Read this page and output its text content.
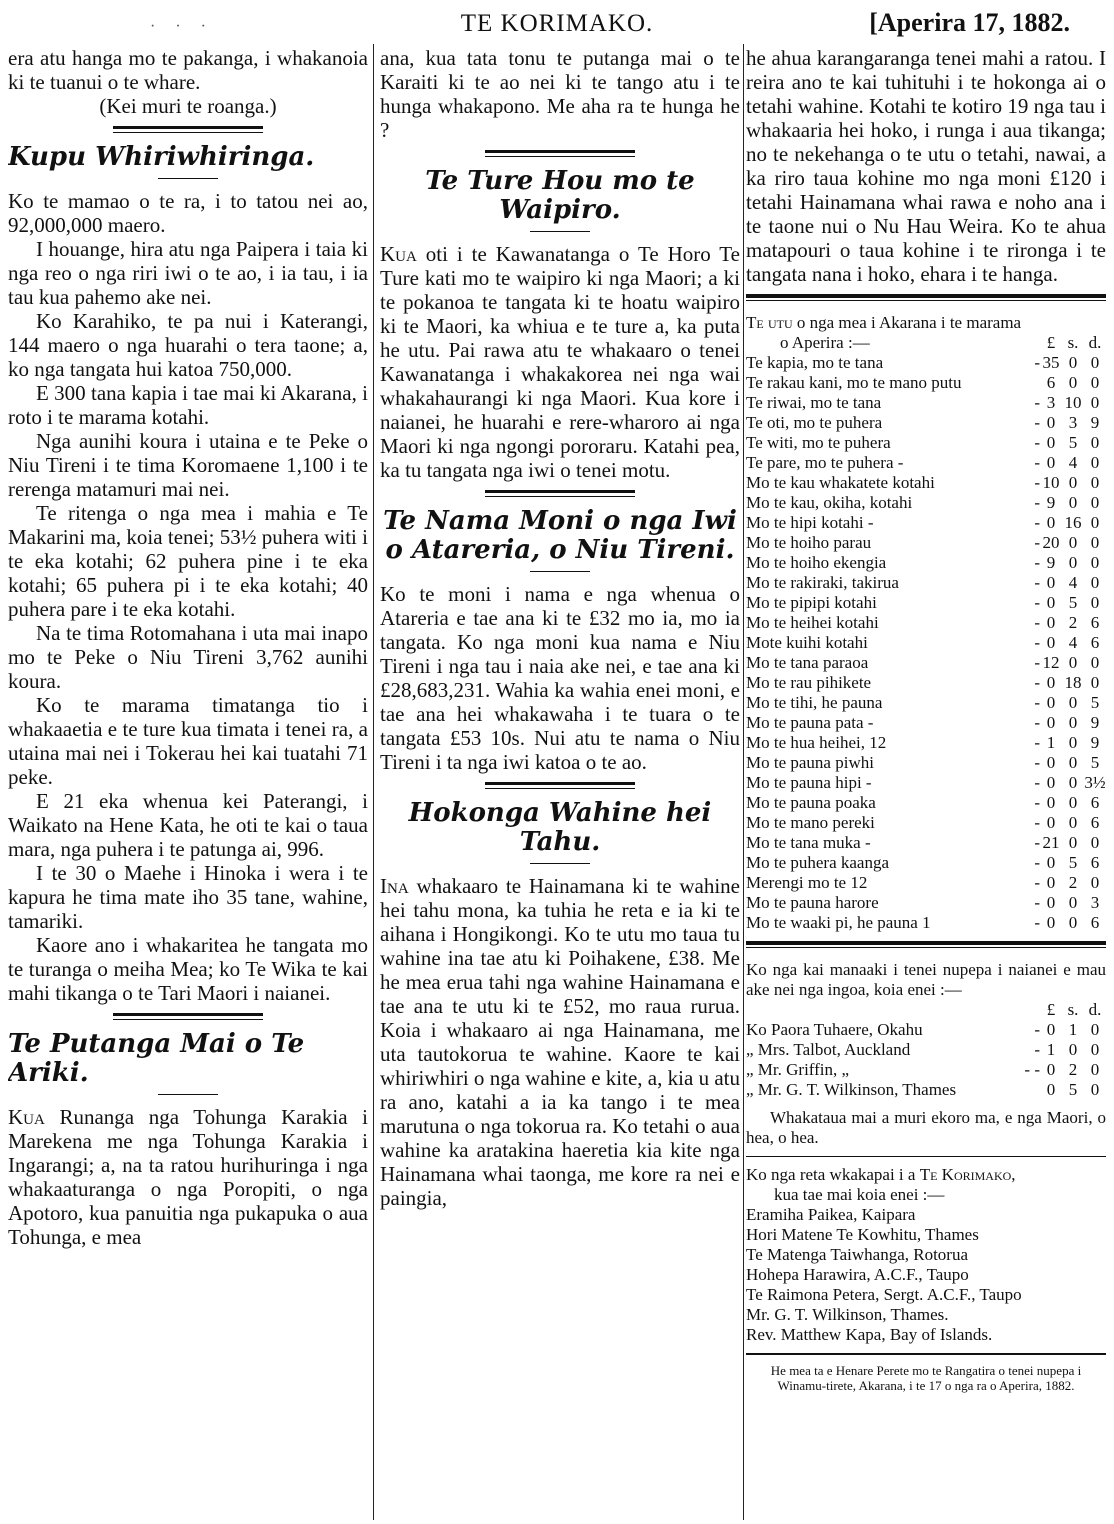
· · ·	TE KORIMAKO.	[Aperira 17, 1882.

era atu hanga mo te pakanga, i whakanoia ki te tuanui o te whare.

(Kei muri te roanga.)

Kupu Whiriwhiringa.

Ko te mamao o te ra, i to tatou nei ao, 92,000,000 maero.

I houange, hira atu nga Paipera i taia ki nga reo o nga riri iwi o te ao, i ia tau, i ia tau kua pahemo ake nei.

Ko Karahiko, te pa nui i Katerangi, 144 maero o nga huarahi o tera taone; a, ko nga tangata hui katoa 750,000.

E 300 tana kapia i tae mai ki Akarana, i roto i te marama kotahi.

Nga aunihi koura i utaina e te Peke o Niu Tireni i te tima Koromaene 1,100 i te rerenga matamuri mai nei.

Te ritenga o nga mea i mahia e Te Makarini ma, koia tenei; 53½ puhera witi i te eka kotahi; 62 puhera pine i te eka kotahi; 65 puhera pi i te eka kotahi; 40 puhera pare i te eka kotahi.

Na te tima Rotomahana i uta mai inapo mo te Peke o Niu Tireni 3,762 aunihi koura.

Ko te marama timatanga tio i whakaaetia e te ture kua timata i tenei ra, a utaina mai nei i Tokerau hei kai tuatahi 71 peke.

E 21 eka whenua kei Paterangi, i Waikato na Hene Kata, he oti te kai o taua mara, nga puhera i te patunga ai, 996.

I te 30 o Maehe i Hinoka i wera i te kapura he tima mate iho 35 tane, wahine, tamariki.

Kaore ano i whakaritea he tangata mo te turanga o meiha Mea; ko Te Wika te kai mahi tikanga o te Tari Maori i naianei.

Te Putanga Mai o Te Ariki.

Kua Runanga nga Tohunga Karakia i Marekena me nga Tohunga Karakia i Ingarangi; a, na ta ratou hurihuringa i nga whakaaturanga o nga Poropiti, o nga Apotoro, kua panuitia nga pukapuka o aua Tohunga, e mea

ana, kua tata tonu te putanga mai o te Karaiti ki te ao nei ki te tango atu i te hunga whakapono. Me aha ra te hunga he ?

Te Ture Hou mo te Waipiro.

Kua oti i te Kawanatanga o Te Horo Te Ture kati mo te waipiro ki nga Maori; a ki te pokanoa te tangata ki te hoatu waipiro ki te Maori, ka whiua e te ture a, ka puta he utu. Pai rawa atu te whakaaro o tenei Kawanatanga i whakakorea nei nga wai whakahaurangi ki nga Maori. Kua kore i naianei, he huarahi e rere-wharoro ai nga Maori ki nga ngongi pororaru. Katahi pea, ka tu tangata nga iwi o tenei motu.

Te Nama Moni o nga Iwi o Atareria, o Niu Tireni.

Ko te moni i nama e nga whenua o Atareria e tae ana ki te £32 mo ia, mo ia tangata. Ko nga moni kua nama e Niu Tireni i nga tau i naia ake nei, e tae ana ki £28,683,231. Wahia ka wahia enei moni, e tae ana hei whakawaha i te tuara o te tangata £53 10s. Nui atu te nama o Niu Tireni i ta nga iwi katoa o te ao.

Hokonga Wahine hei Tahu.

Ina whakaaro te Hainamana ki te wahine hei tahu mona, ka tuhia he reta e ia ki te aihana i Hongikongi. Ko te utu mo taua tu wahine ina tae atu ki Poihakene, £38. Me he mea erua tahi nga wahine Hainamana e tae ana te utu ki te £52, mo raua rurua. Koia i whakaaro ai nga Hainamana, me uta tautokorua te wahine. Kaore te kai whiriwhiri o nga wahine e kite, a, kia u atu ra ano, katahi a ia ka tango i te mea marutuna o nga tokorua ra. Ko tetahi o aua wahine ka aratakina haeretia kia kite nga Hainamana whai taonga, me kore ra nei e paingia,

he ahua karangaranga tenei mahi a ratou. I reira ano te kai tuhituhi i te hokonga ai o tetahi wahine. Kotahi te kotiro 19 nga tau i whakaaria hei hoko, i runga i aua tikanga; no te nekehanga o te utu o tetahi, nawai, a ka riro taua kohine mo nga moni £120 i tetahi Hainamana whai rawa e noho ana i te taone nui o Nu Hau Weira. Ko te ahua matapouri o taua kohine i te rironga i te tangata nana i hoko, ehara i te hanga.

Te utu o nga mea i Akarana i te marama
o Aperira :—		£	s.	d.
Te kapia, mo te tana	-	35	0	0
Te rakau kani, mo te mano putu		6	0	0
Te riwai, mo te tana	-	3	10	0
Te oti, mo te puhera	-	0	3	9
Te witi, mo te puhera	-	0	5	0
Te pare, mo te puhera -	-	0	4	0
Mo te kau whakatete kotahi	-	10	0	0
Mo te kau, okiha, kotahi	-	9	0	0
Mo te hipi kotahi -	-	0	16	0
Mo te hoiho parau	-	20	0	0
Mo te hoiho ekengia	-	9	0	0
Mo te rakiraki, takirua	-	0	4	0
Mo te pipipi kotahi	-	0	5	0
Mo te heihei kotahi	-	0	2	6
Mote kuihi kotahi	-	0	4	6
Mo te tana paraoa	-	12	0	0
Mo te rau pihikete	-	0	18	0
Mo te tihi, he pauna	-	0	0	5
Mo te pauna pata -	-	0	0	9
Mo te hua heihei, 12	-	1	0	9
Mo te pauna piwhi	-	0	0	5
Mo te pauna hipi -	-	0	0	3½
Mo te pauna poaka	-	0	0	6
Mo te mano pereki	-	0	0	6
Mo te tana muka -	-	21	0	0
Mo te puhera kaanga	-	0	5	6
Merengi mo te 12	-	0	2	0
Mo te pauna harore	-	0	0	3
Mo te waaki pi, he pauna 1	-	0	0	6
Ko nga kai manaaki i tenei nupepa i naianei e mau ake nei nga ingoa, koia enei :—
		£	s.	d.
Ko Paora Tuhaere, Okahu	-	0	1	0
„ Mrs. Talbot, Auckland	-	1	0	0
„ Mr. Griffin, „	- -	0	2	0
„ Mr. G. T. Wilkinson, Thames		0	5	0

Whakataua mai a muri ekoro ma, e nga Maori, o hea, o hea.

Ko nga reta wkakapai i a Te Korimako,
kua tae mai koia enei :—
Eramiha Paikea, Kaipara
Hori Matene Te Kowhitu, Thames
Te Matenga Taiwhanga, Rotorua
Hohepa Harawira, A.C.F., Taupo
Te Raimona Petera, Sergt. A.C.F., Taupo
Mr. G. T. Wilkinson, Thames.
Rev. Matthew Kapa, Bay of Islands.
He mea ta e Henare Perete mo te Rangatira o tenei nupepa i Winamu-tirete, Akarana, i te 17 o nga ra o Aperira, 1882.
